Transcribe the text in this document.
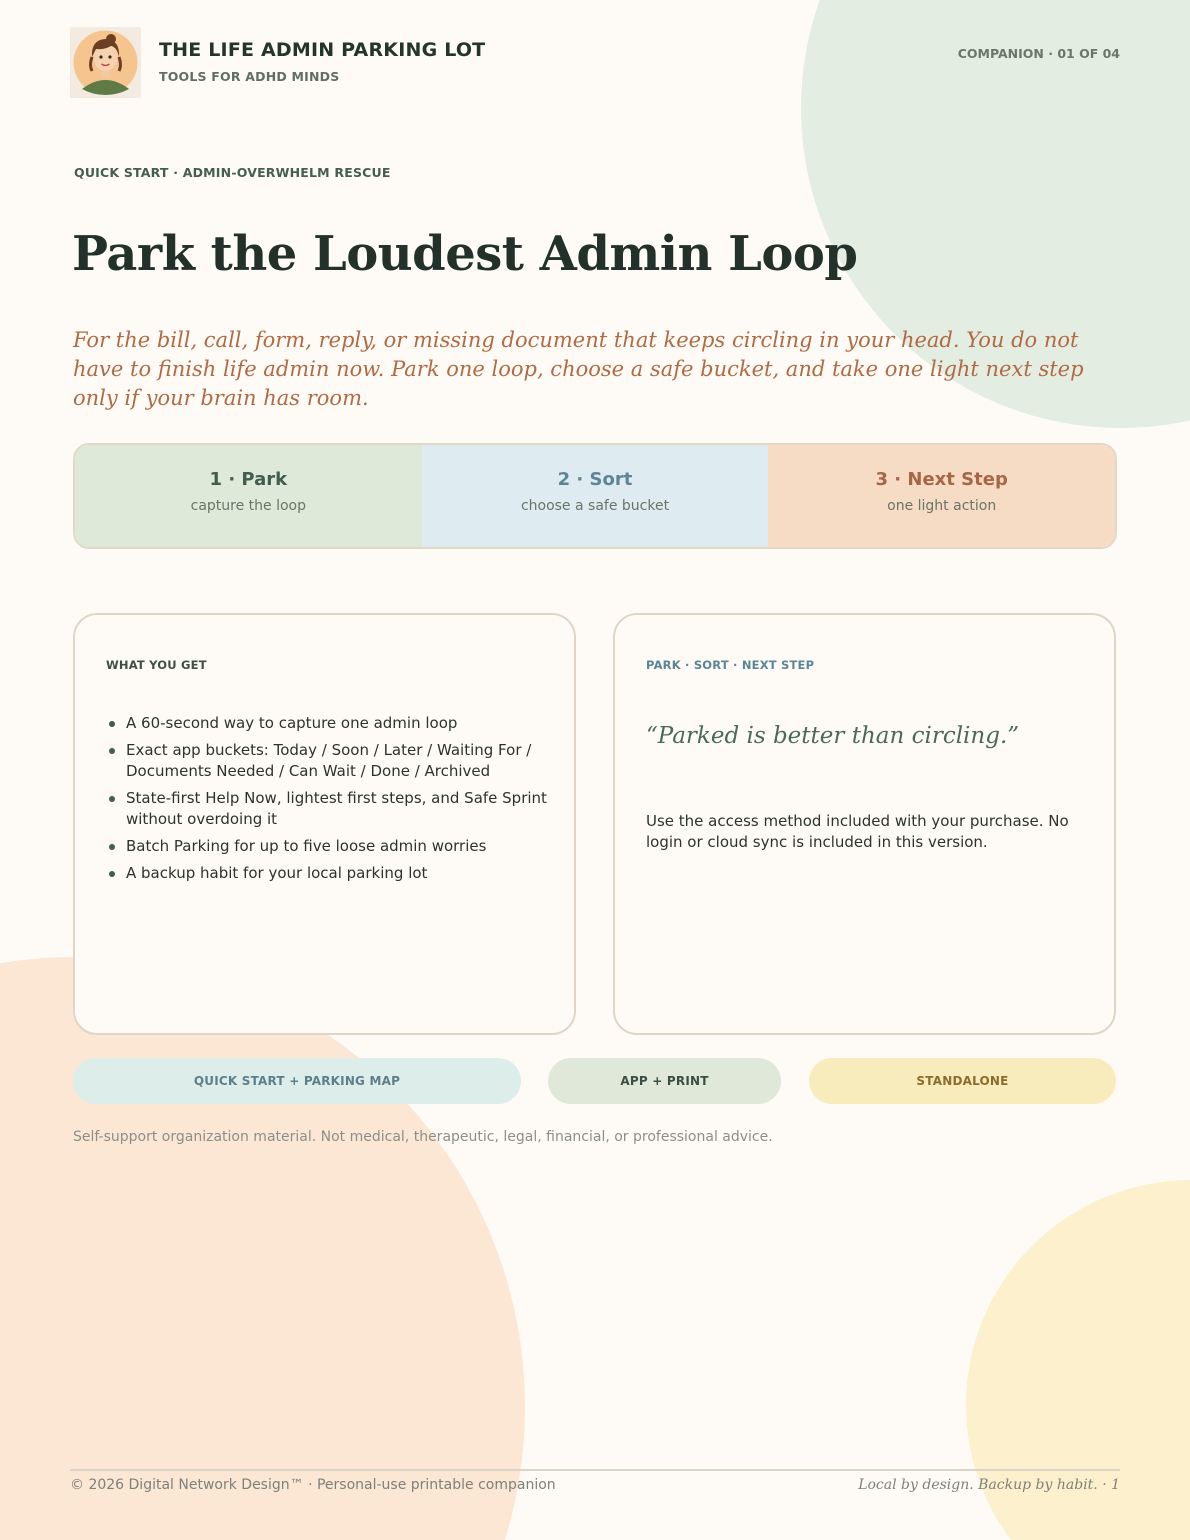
THE LIFE ADMIN PARKING LOT
TOOLS FOR ADHD MINDS
COMPANION · 01 OF 04
QUICK START · ADMIN-OVERWHELM RESCUE
Park the Loudest Admin Loop

For the bill, call, form, reply, or missing document that keeps circling in your head. You do not have to finish life admin now. Park one loop, choose a safe bucket, and take one light next step only if your brain has room.

1 · Park
capture the loop
2 · Sort
choose a safe bucket
3 · Next Step
one light action
WHAT YOU GET
A 60-second way to capture one admin loop
Exact app buckets: Today / Soon / Later / Waiting For / Documents Needed / Can Wait / Done / Archived
State-first Help Now, lightest first steps, and Safe Sprint without overdoing it
Batch Parking for up to five loose admin worries
A backup habit for your local parking lot
PARK · SORT · NEXT STEP
“Parked is better than circling.”
Use the access method included with your purchase. No login or cloud sync is included in this version.
QUICK START + PARKING MAP	APP + PRINT	STANDALONE
Self-support organization material. Not medical, therapeutic, legal, financial, or professional advice.
© 2026 Digital Network Design™ · Personal-use printable companion	Local by design. Backup by habit. · 1
